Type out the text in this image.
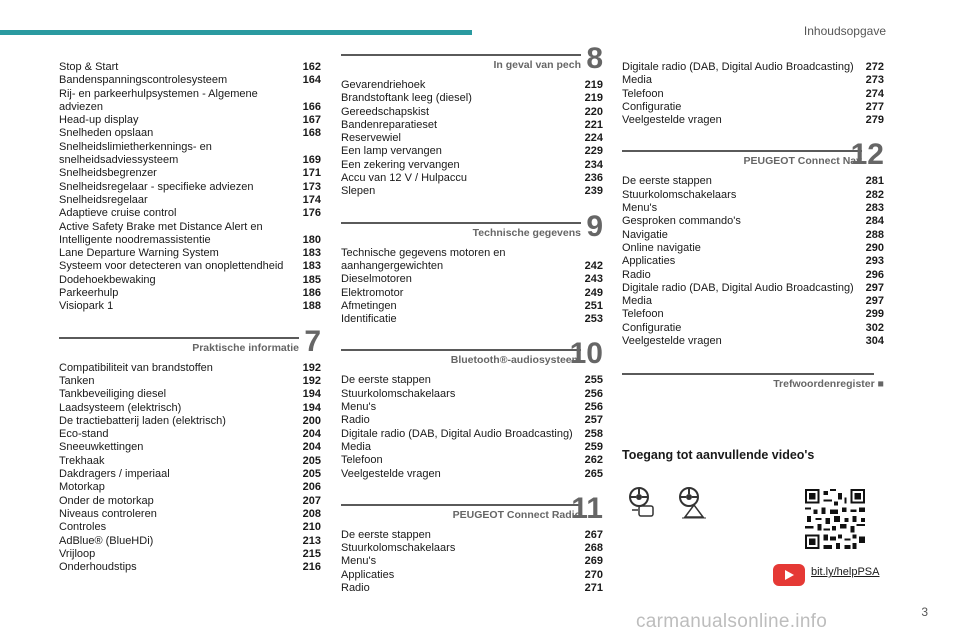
Inhoudsopgave
Stop & Start	162
Bandenspanningscontrolesysteem	164
Rij- en parkeerhulpsystemen - Algemene adviezen	166
Head-up display	167
Snelheden opslaan	168
Snelheidslimietherkennings- en snelheidsadviessysteem	169
Snelheidsbegrenzer	171
Snelheidsregelaar - specifieke adviezen	173
Snelheidsregelaar	174
Adaptieve cruise control	176
Active Safety Brake met Distance Alert en Intelligente noodremassistentie	180
Lane Departure Warning System	183
Systeem voor detecteren van onoplettendheid	183
Dodehoekbewaking	185
Parkeerhulp	186
Visiopark 1	188
Praktische informatie 7
Compatibiliteit van brandstoffen	192
Tanken	192
Tankbeveiliging diesel	194
Laadsysteem (elektrisch)	194
De tractiebatterij laden (elektrisch)	200
Eco-stand	204
Sneeuwkettingen	204
Trekhaak	205
Dakdragers / imperiaal	205
Motorkap	206
Onder de motorkap	207
Niveaus controleren	208
Controles	210
AdBlue® (BlueHDi)	213
Vrijloop	215
Onderhoudstips	216
In geval van pech 8
Gevarendriehoek	219
Brandstoftank leeg (diesel)	219
Gereedschapskist	220
Bandenreparatieset	221
Reservewiel	224
Een lamp vervangen	229
Een zekering vervangen	234
Accu van 12 V / Hulpaccu	236
Slepen	239
Technische gegevens 9
Technische gegevens motoren en aanhangergewichten	242
Dieselmotoren	243
Elektromotor	249
Afmetingen	251
Identificatie	253
Bluetooth®-audiosysteem
10
De eerste stappen	255
Stuurkolomschakelaars	256
Menu's	256
Radio	257
Digitale radio (DAB, Digital Audio Broadcasting)	258
Media	259
Telefoon	262
Veelgestelde vragen	265
PEUGEOT Connect Radio
11
De eerste stappen	267
Stuurkolomschakelaars	268
Menu's	269
Applicaties	270
Radio	271
Digitale radio (DAB, Digital Audio Broadcasting)	272
Media	273
Telefoon	274
Configuratie	277
Veelgestelde vragen	279
PEUGEOT Connect Nav
12
De eerste stappen	281
Stuurkolomschakelaars	282
Menu's	283
Gesproken commando's	284
Navigatie	288
Online navigatie	290
Applicaties	293
Radio	296
Digitale radio (DAB, Digital Audio Broadcasting)	297
Media	297
Telefoon	299
Configuratie	302
Veelgestelde vragen	304
Trefwoordenregister ■
Toegang tot aanvullende video's
bit.ly/helpPSA
carmanualsonline.info	3
